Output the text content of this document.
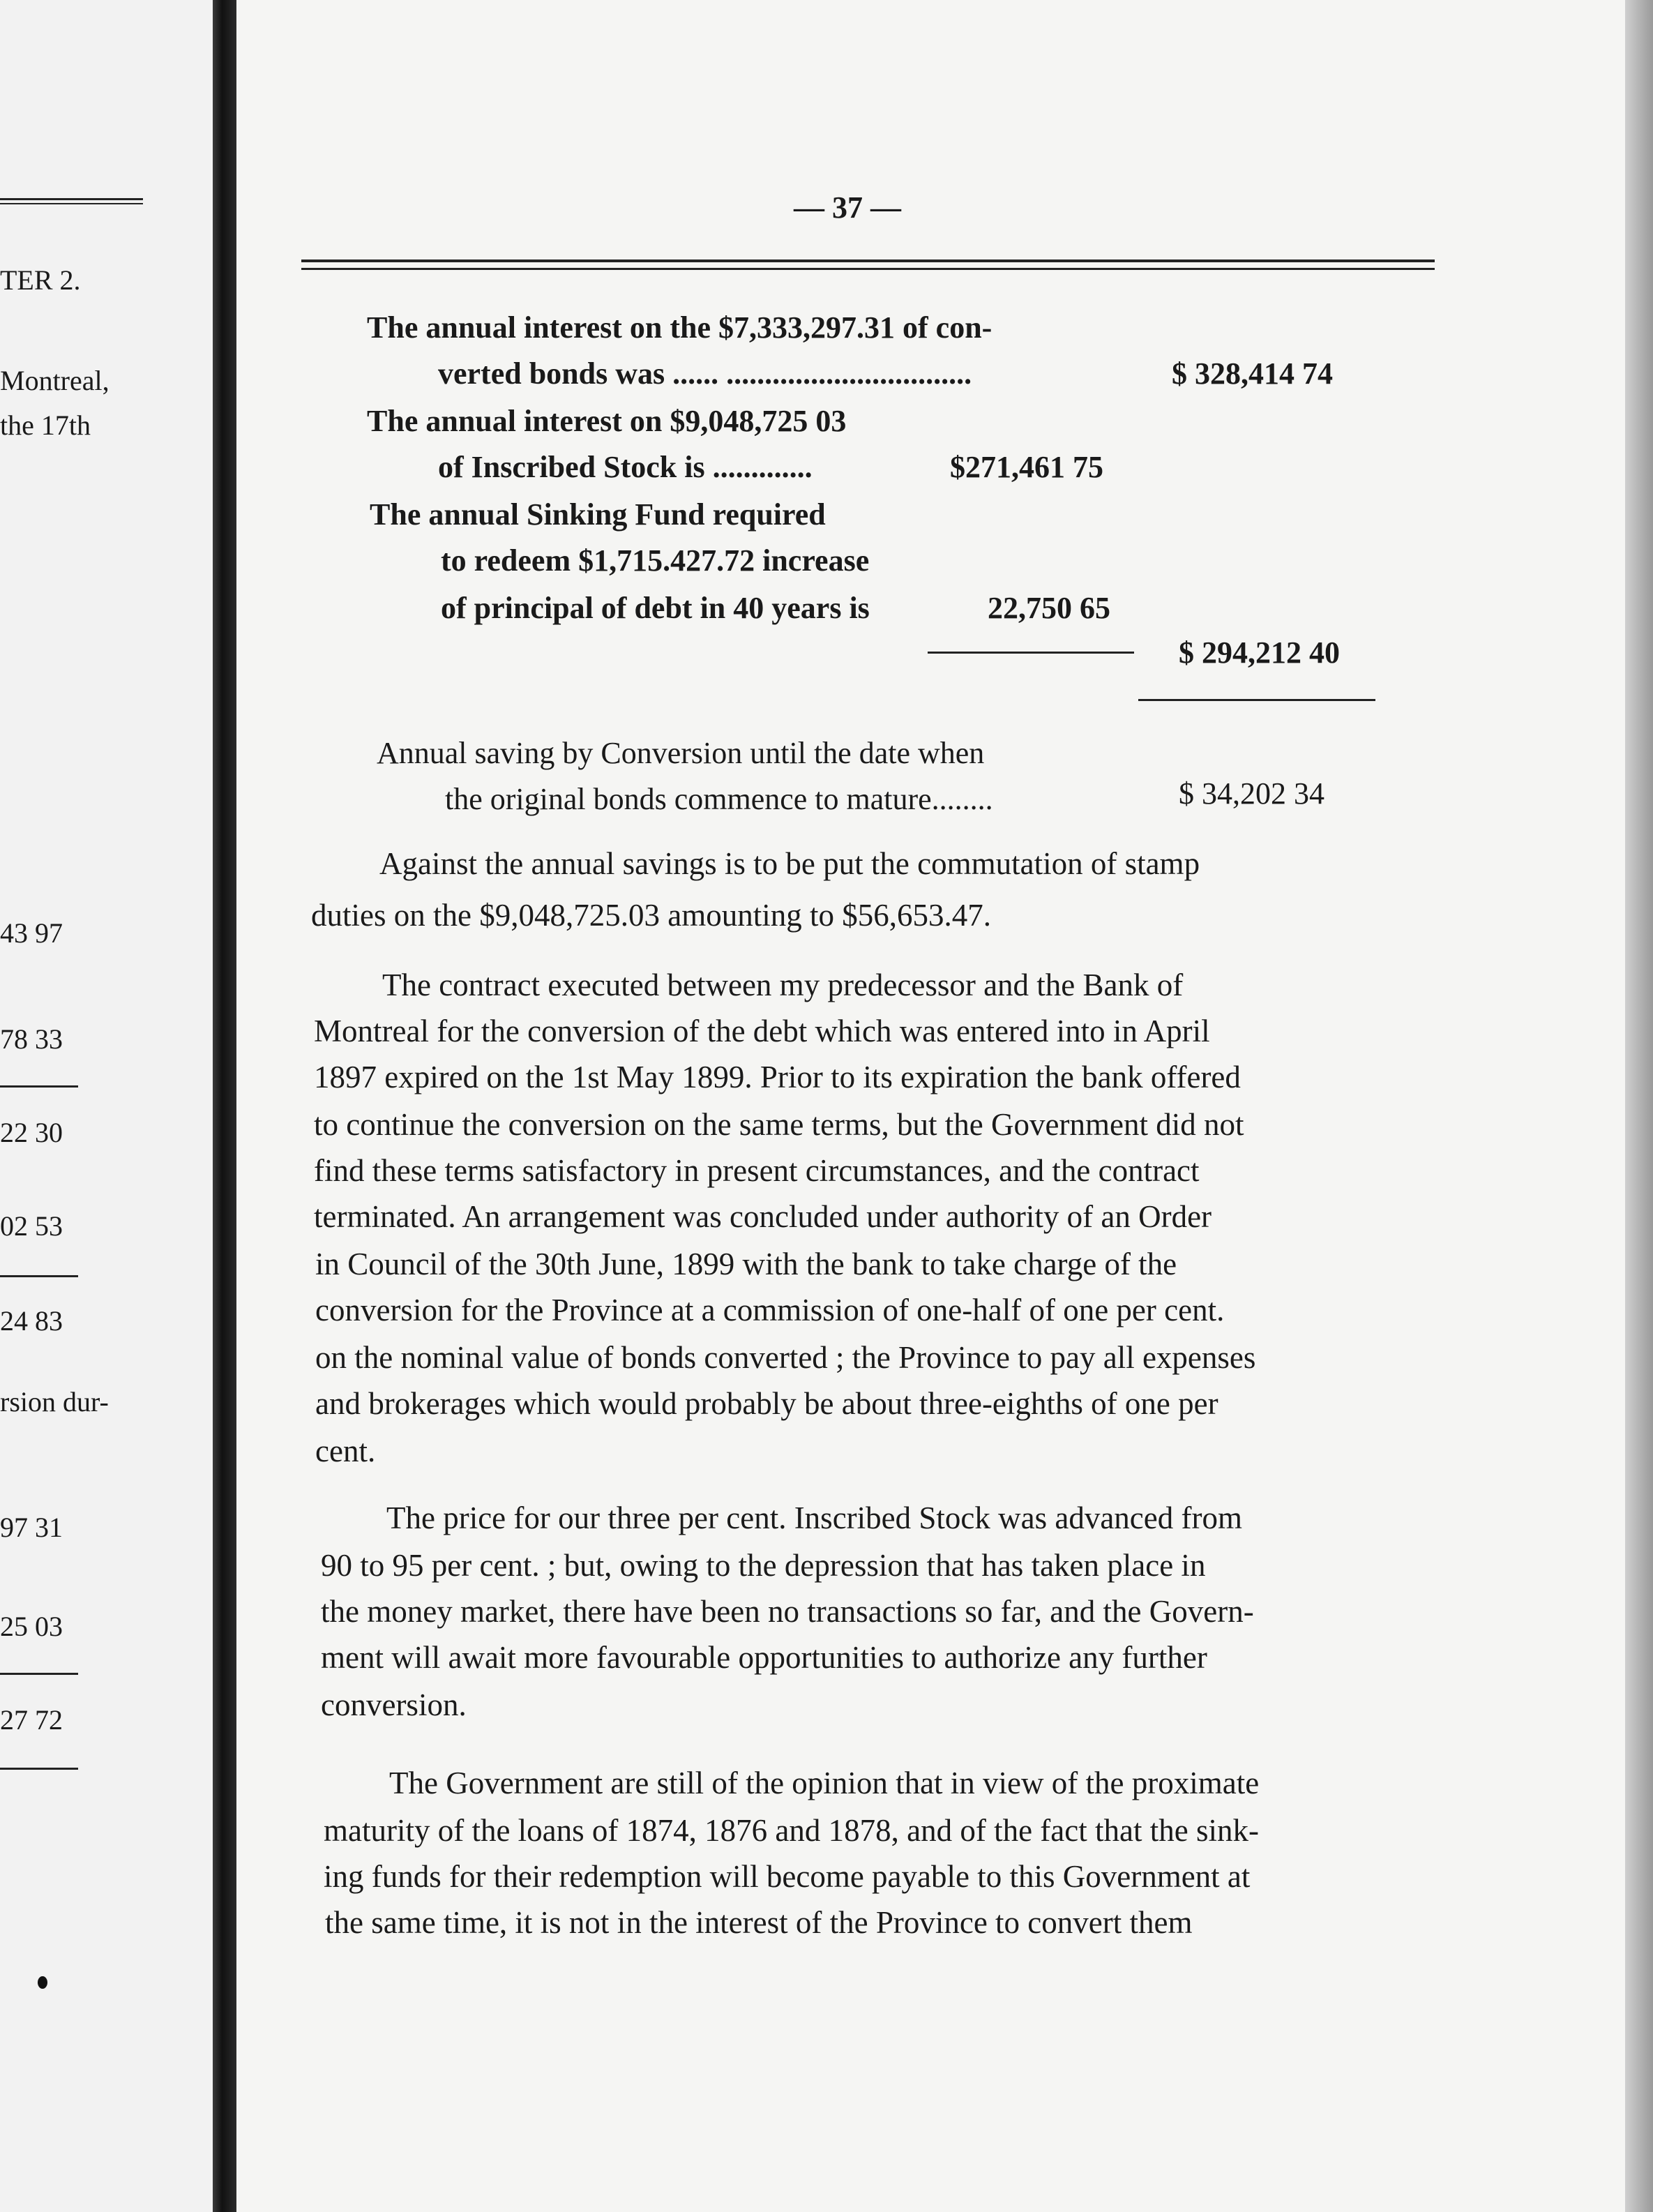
TER 2.
Montreal,
the 17th
43 97
78 33
22 30
02 53
24 83
rsion dur-
97 31
25 03
27 72
— 37 —
The annual interest on the $7,333,297.31 of con-
verted bonds was ...... ................................	$ 328,414 74
The annual interest on $9,048,725 03
of Inscribed Stock is .............	$271,461 75
The annual Sinking Fund required
to redeem $1,715.427.72 increase
of principal of debt in 40 years is	22,750 65
$ 294,212 40
Annual saving by Conversion until the date when
the original bonds commence to mature........	$ 34,202 34

Against the annual savings is to be put the commutation of stamp

duties on the $9,048,725.03 amounting to $56,653.47.

The contract executed between my predecessor and the Bank of

Montreal for the conversion of the debt which was entered into in April

1897 expired on the 1st May 1899. Prior to its expiration the bank offered

to continue the conversion on the same terms, but the Government did not

find these terms satisfactory in present circumstances, and the contract

terminated. An arrangement was concluded under authority of an Order

in Council of the 30th June, 1899 with the bank to take charge of the

conversion for the Province at a commission of one-half of one per cent.

on the nominal value of bonds converted ; the Province to pay all expenses

and brokerages which would probably be about three-eighths of one per

cent.

The price for our three per cent. Inscribed Stock was advanced from

90 to 95 per cent. ; but, owing to the depression that has taken place in

the money market, there have been no transactions so far, and the Govern-

ment will await more favourable opportunities to authorize any further

conversion.

The Government are still of the opinion that in view of the proximate

maturity of the loans of 1874, 1876 and 1878, and of the fact that the sink-

ing funds for their redemption will become payable to this Government at

the same time, it is not in the interest of the Province to convert them
